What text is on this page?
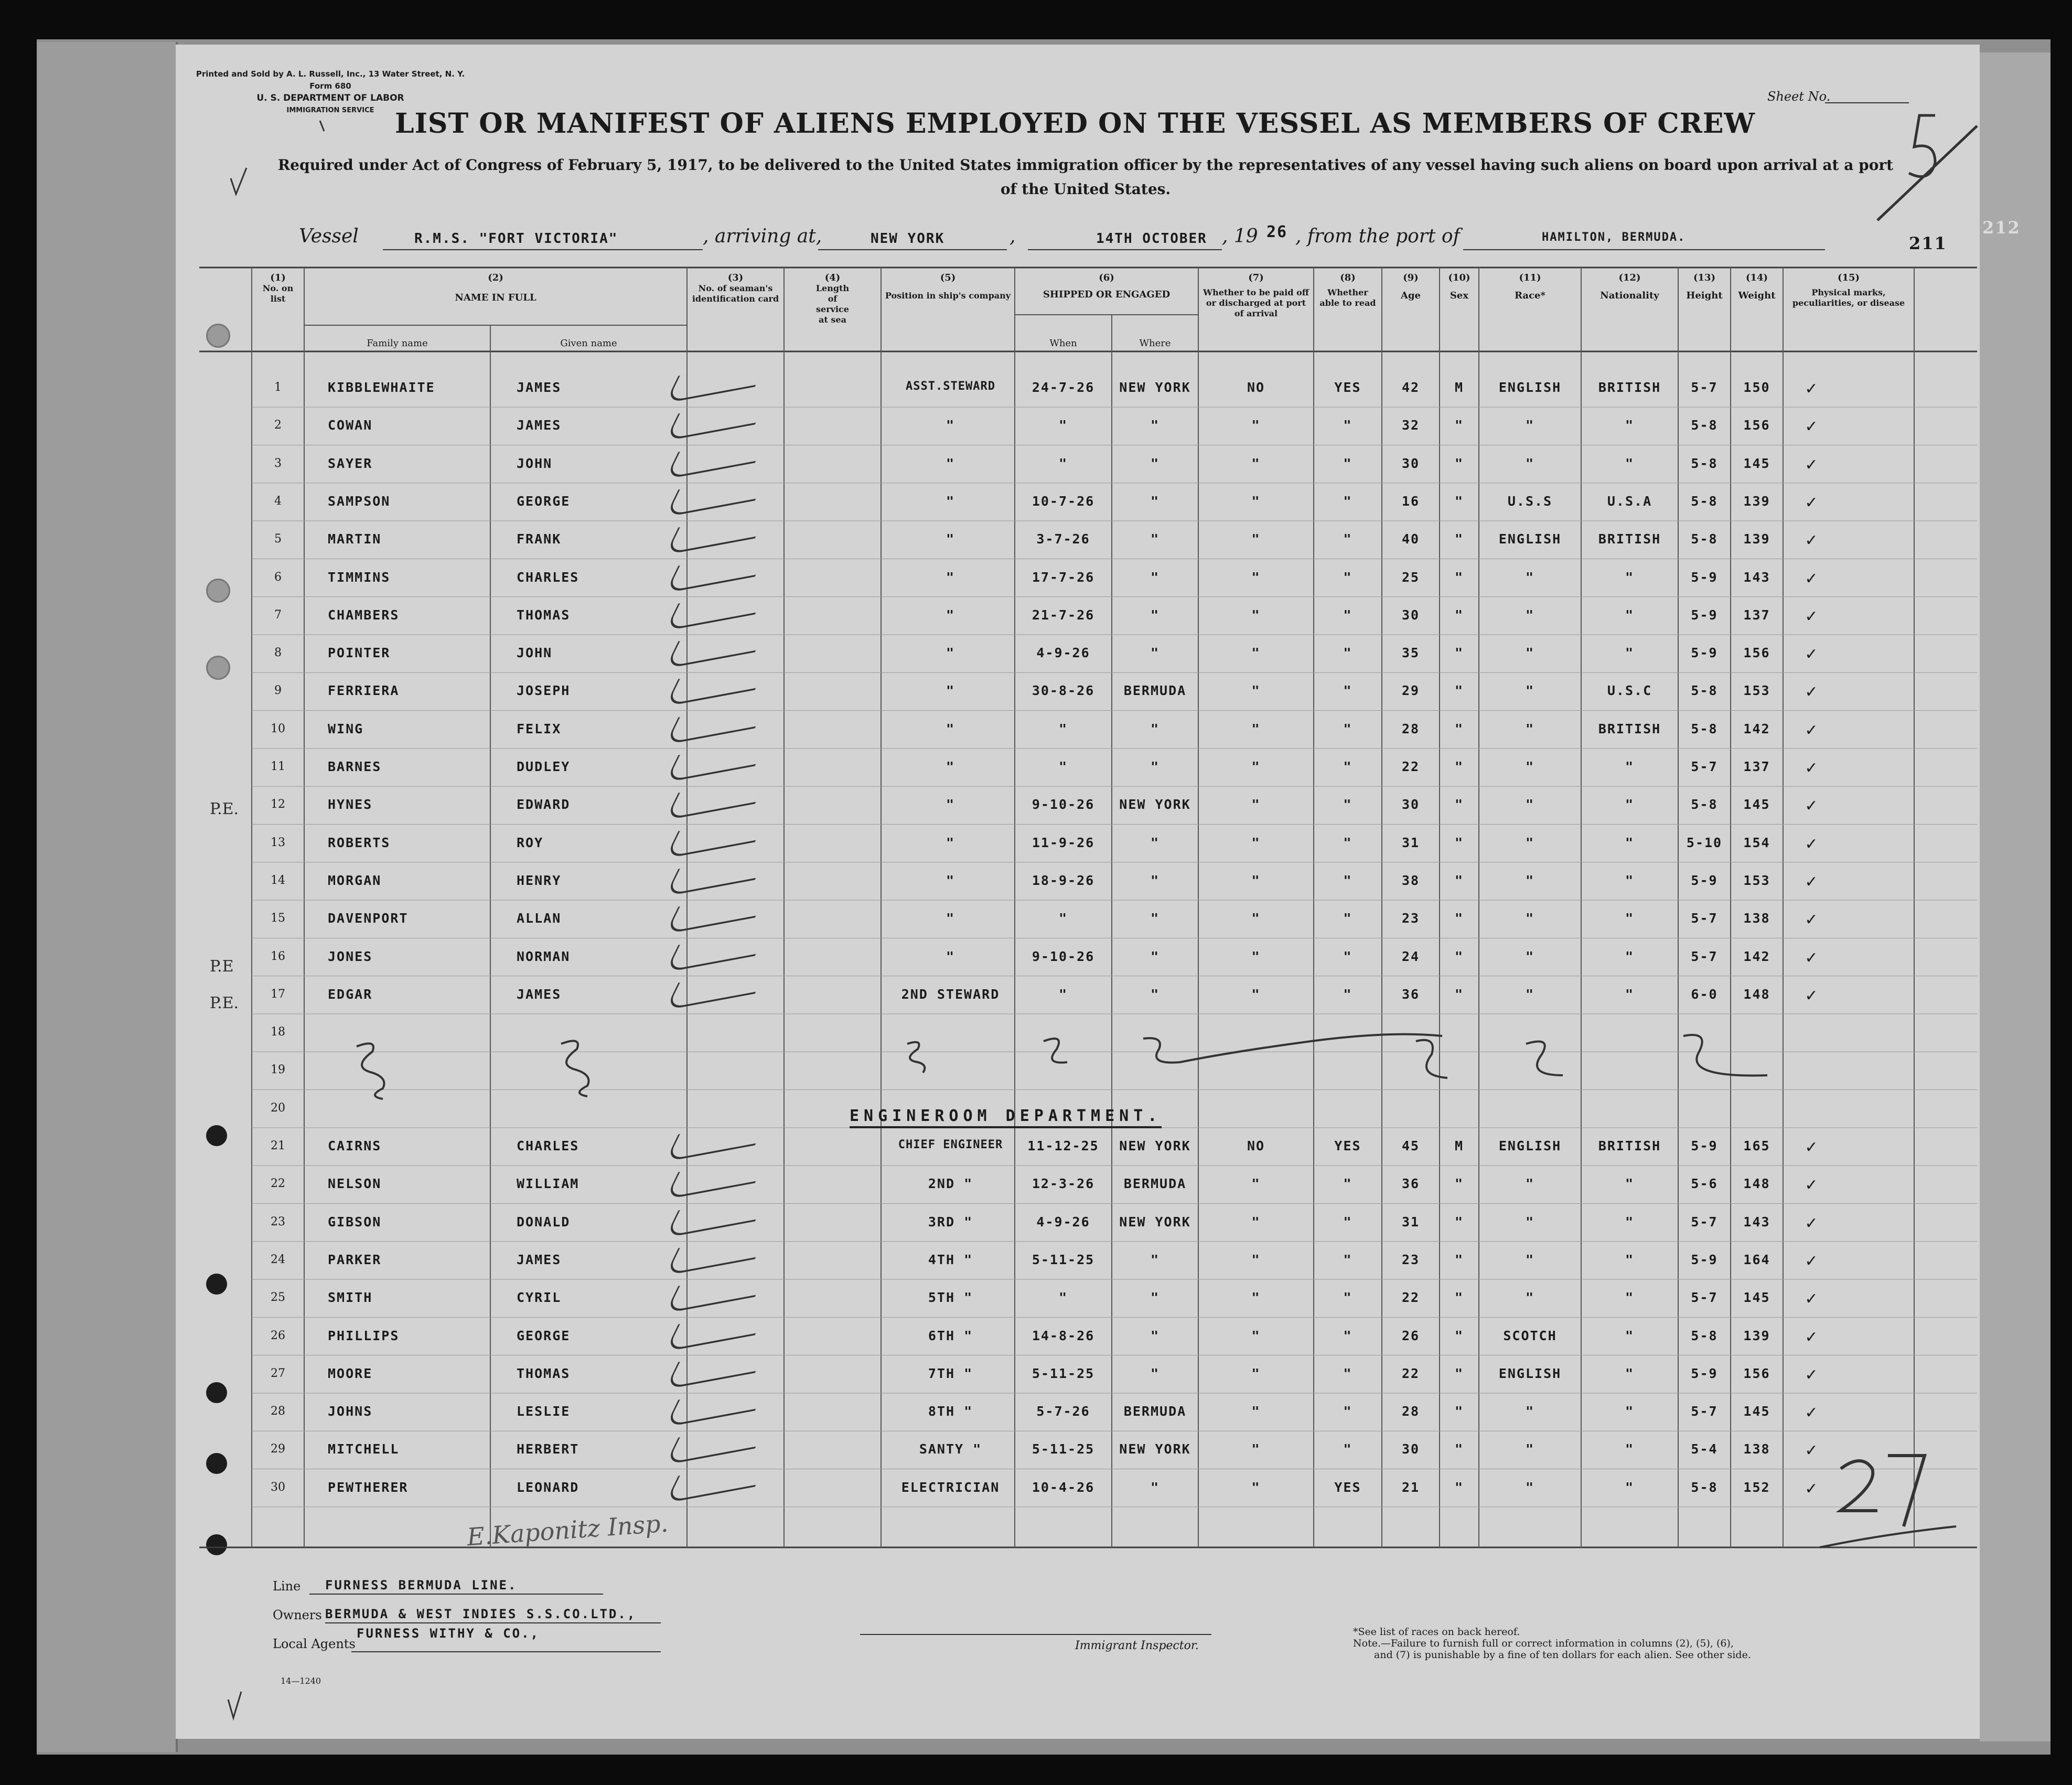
Printed and Sold by A. L. Russell, Inc., 13 Water Street, N. Y.
Form 680
U. S. DEPARTMENT OF LABOR
IMMIGRATION SERVICE
Sheet No.
LIST OR MANIFEST OF ALIENS EMPLOYED ON THE VESSEL AS MEMBERS OF CREW
Required under Act of Congress of February 5, 1917, to be delivered to the United States immigration officer by the representatives of any vessel having such aliens on board upon arrival at a port of the United States.
Vessel	R.M.S. "FORT VICTORIA"	, arriving at,	NEW YORK	,	14TH OCTOBER , 19 26 , from the port of	HAMILTON, BERMUDA.	211
212
(1)
No. on list
(2)
NAME IN FULL
Family name	Given name
(3)
No. of seaman's identification card
(4)
Length of service at sea
(5)
Position in ship's company
(6)
SHIPPED OR ENGAGED
When	Where
(7)
Whether to be paid off or discharged at port of arrival
(8)
Whether able to read
(9)
Age
(10)
Sex
(11)
Race*
(12)
Nationality
(13)
Height
(14)
Weight
(15)
Physical marks, peculiarities, or disease
1	KIBBLEWHAITE	JAMES	ASST.STEWARD	24-7-26	NEW YORK	NO	YES	42	M	ENGLISH	BRITISH	5-7	150	✓
2	COWAN	JAMES	"	"	"	"	"	32	"	"	"	5-8	156	✓
3	SAYER	JOHN	"	"	"	"	"	30	"	"	"	5-8	145	✓
4	SAMPSON	GEORGE	"	10-7-26	"	"	"	16	"	U.S.S	U.S.A	5-8	139	✓
5	MARTIN	FRANK	"	3-7-26	"	"	"	40	"	ENGLISH	BRITISH	5-8	139	✓
6	TIMMINS	CHARLES	"	17-7-26	"	"	"	25	"	"	"	5-9	143	✓
7	CHAMBERS	THOMAS	"	21-7-26	"	"	"	30	"	"	"	5-9	137	✓
8	POINTER	JOHN	"	4-9-26	"	"	"	35	"	"	"	5-9	156	✓
9	FERRIERA	JOSEPH	"	30-8-26	BERMUDA	"	"	29	"	"	U.S.C	5-8	153	✓
10	WING	FELIX	"	"	"	"	"	28	"	"	BRITISH	5-8	142	✓
11	BARNES	DUDLEY	"	"	"	"	"	22	"	"	"	5-7	137	✓
12	HYNES	EDWARD	"	9-10-26	NEW YORK	"	"	30	"	"	"	5-8	145	✓
13	ROBERTS	ROY	"	11-9-26	"	"	"	31	"	"	"	5-10	154	✓
14	MORGAN	HENRY	"	18-9-26	"	"	"	38	"	"	"	5-9	153	✓
15	DAVENPORT	ALLAN	"	"	"	"	"	23	"	"	"	5-7	138	✓
16	JONES	NORMAN	"	9-10-26	"	"	"	24	"	"	"	5-7	142	✓
17	EDGAR	JAMES	2ND STEWARD	"	"	"	"	36	"	"	"	6-0	148	✓
18
19
20
21	CAIRNS	CHARLES	CHIEF ENGINEER	11-12-25	NEW YORK	NO	YES	45	M	ENGLISH	BRITISH	5-9	165	✓
22	NELSON	WILLIAM	2ND "	12-3-26	BERMUDA	"	"	36	"	"	"	5-6	148	✓
23	GIBSON	DONALD	3RD "	4-9-26	NEW YORK	"	"	31	"	"	"	5-7	143	✓
24	PARKER	JAMES	4TH "	5-11-25	"	"	"	23	"	"	"	5-9	164	✓
25	SMITH	CYRIL	5TH "	"	"	"	"	22	"	"	"	5-7	145	✓
26	PHILLIPS	GEORGE	6TH "	14-8-26	"	"	"	26	"	SCOTCH	"	5-8	139	✓
27	MOORE	THOMAS	7TH "	5-11-25	"	"	"	22	"	ENGLISH	"	5-9	156	✓
28	JOHNS	LESLIE	8TH "	5-7-26	BERMUDA	"	"	28	"	"	"	5-7	145	✓
29	MITCHELL	HERBERT	SANTY "	5-11-25	NEW YORK	"	"	30	"	"	"	5-4	138	✓
30	PEWTHERER	LEONARD	ELECTRICIAN	10-4-26	"	"	YES	21	"	"	"	5-8	152	✓
P.E.
P.E
P.E.
ENGINEROOM DEPARTMENT.
E.Kaponitz Insp.
Line FURNESS BERMUDA LINE.
Owners BERMUDA & WEST INDIES S.S.CO.LTD.,
Local Agents
FURNESS WITHY & CO.,
14—1240
Immigrant Inspector.
*See list of races on back hereof.
Note.—Failure to furnish full or correct information in columns (2), (5), (6),
and (7) is punishable by a fine of ten dollars for each alien. See other side.
